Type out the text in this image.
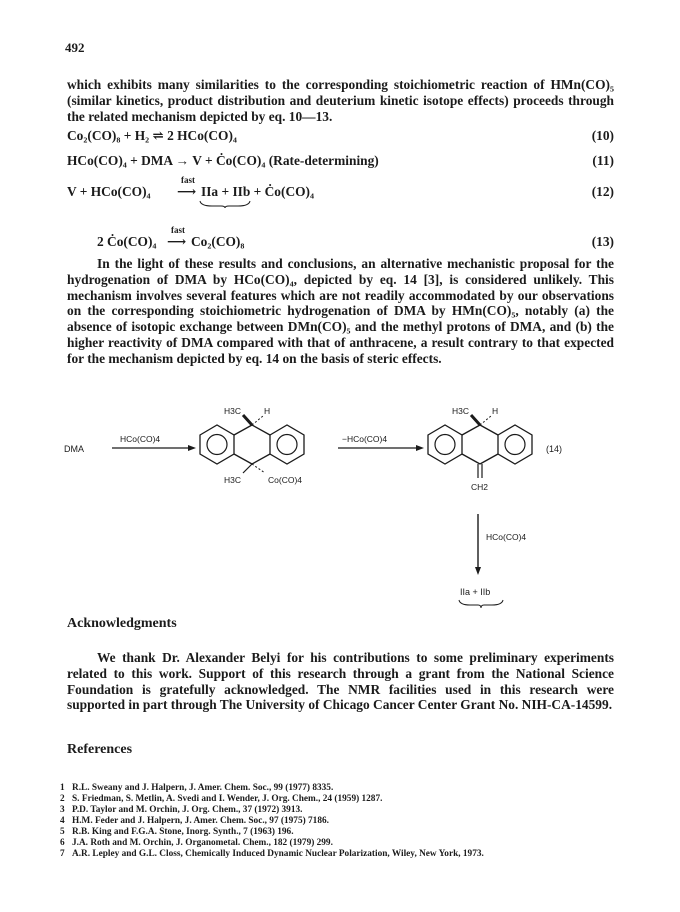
492
which exhibits many similarities to the corresponding stoichiometric reaction of HMn(CO)₅ (similar kinetics, product distribution and deuterium kinetic isotope effects) proceeds through the related mechanism depicted by eq. 10—13.
Co₂(CO)₈ + H₂ ⇌ 2 HCo(CO)₄	(10)
HCo(CO)₄ + DMA → V + Ċo(CO)₄ (Rate-determining)	(11)
V + HCo(CO)₄
fast
⟶ IIa + IIb + Ċo(CO)₄	(12)
2 Ċo(CO)₄
fast
⟶ Co₂(CO)₈	(13)
In the light of these results and conclusions, an alternative mechanistic proposal for the hydrogenation of DMA by HCo(CO)₄, depicted by eq. 14 [3], is considered unlikely. This mechanism involves several features which are not readily accommodated by our observations on the corresponding stoichiometric hydrogenation of DMA by HMn(CO)₅, notably (a) the absence of isotopic exchange between DMn(CO)₅ and the methyl protons of DMA, and (b) the higher reactivity of DMA compared with that of anthracene, a result contrary to that expected for the mechanism depicted by eq. 14 on the basis of steric effects.
DMA
HCo(CO)4
H3C	H
H3C	Co(CO)4
−HCo(CO)4
H3C	H
CH2
(14)
HCo(CO)4
IIa + IIb
Acknowledgments
We thank Dr. Alexander Belyi for his contributions to some preliminary experiments related to this work. Support of this research through a grant from the National Science Foundation is gratefully acknowledged. The NMR facilities used in this research were supported in part through The University of Chicago Cancer Center Grant No. NIH-CA-14599.
References
1 R.L. Sweany and J. Halpern, J. Amer. Chem. Soc., 99 (1977) 8335.
2 S. Friedman, S. Metlin, A. Svedi and I. Wender, J. Org. Chem., 24 (1959) 1287.
3 P.D. Taylor and M. Orchin, J. Org. Chem., 37 (1972) 3913.
4 H.M. Feder and J. Halpern, J. Amer. Chem. Soc., 97 (1975) 7186.
5 R.B. King and F.G.A. Stone, Inorg. Synth., 7 (1963) 196.
6 J.A. Roth and M. Orchin, J. Organometal. Chem., 182 (1979) 299.
7 A.R. Lepley and G.L. Closs, Chemically Induced Dynamic Nuclear Polarization, Wiley, New York, 1973.
